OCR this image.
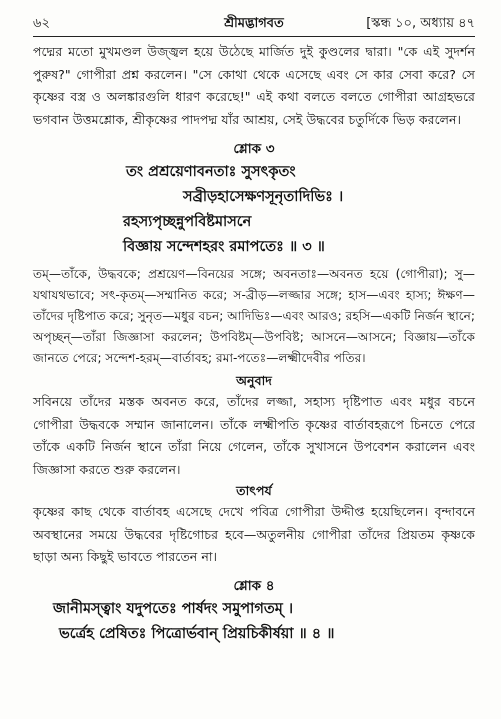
৬২	শ্রীমদ্ভাগবত	[স্কন্ধ ১০, অধ্যায় ৪৭

পদ্মের মতো মুখমণ্ডল উজ্জ্বল হয়ে উঠেছে মার্জিত দুই কুণ্ডলের দ্বারা। "কে এই সুদর্শন পুরুষ?" গোপীরা প্রশ্ন করলেন। "সে কোথা থেকে এসেছে এবং সে কার সেবা করে? সে কৃষ্ণের বস্ত্র ও অলঙ্কারগুলি ধারণ করেছে!" এই কথা বলতে বলতে গোপীরা আগ্রহভরে ভগবান উত্তমশ্লোক, শ্রীকৃষ্ণের পাদপদ্ম যাঁর আশ্রয়, সেই উদ্ধবের চতুর্দিকে ভিড় করলেন।

শ্লোক ৩
তং প্রশ্রয়েণাবনতাঃ সুসৎকৃতং
সব্রীড়হাসেক্ষণসূনৃতাদিভিঃ ।
রহস্যপৃচ্ছন্নুপবিষ্টমাসনে
বিজ্ঞায় সন্দেশহরং রমাপতেঃ ॥ ৩ ॥

তম্—তাঁকে, উদ্ধবকে; প্রশ্রয়েণ—বিনয়ের সঙ্গে; অবনতাঃ—অবনত হয়ে (গোপীরা); সু—যথাযথভাবে; সৎ-কৃতম্—সম্মানিত করে; স-ব্রীড়—লজ্জার সঙ্গে; হাস—এবং হাস্য; ঈক্ষণ—তাঁদের দৃষ্টিপাত করে; সুনৃত—মধুর বচন; আদিভিঃ—এবং আরও; রহসি—একটি নির্জন স্থানে; অপৃচ্ছন্—তাঁরা জিজ্ঞাসা করলেন; উপবিষ্টম্—উপবিষ্ট; আসনে—আসনে; বিজ্ঞায়—তাঁকে জানতে পেরে; সন্দেশ-হরম্—বার্তাবহ; রমা-পতেঃ—লক্ষ্মীদেবীর পতির।

অনুবাদ

সবিনয়ে তাঁদের মস্তক অবনত করে, তাঁদের লজ্জা, সহাস্য দৃষ্টিপাত এবং মধুর বচনে গোপীরা উদ্ধবকে সম্মান জানালেন। তাঁকে লক্ষ্মীপতি কৃষ্ণের বার্তাবহরূপে চিনতে পেরে তাঁকে একটি নির্জন স্থানে তাঁরা নিয়ে গেলেন, তাঁকে সুখাসনে উপবেশন করালেন এবং জিজ্ঞাসা করতে শুরু করলেন।

তাৎপর্য

কৃষ্ণের কাছ থেকে বার্তাবহ এসেছে দেখে পবিত্র গোপীরা উদ্দীপ্ত হয়েছিলেন। বৃন্দাবনে অবস্থানের সময়ে উদ্ধবের দৃষ্টিগোচর হবে—অতুলনীয় গোপীরা তাঁদের প্রিয়তম কৃষ্ণকে ছাড়া অন্য কিছুই ভাবতে পারতেন না।

শ্লোক ৪
জানীমস্ত্বাং যদুপতেঃ পার্ষদং সমুপাগতম্ ।
ভর্ত্রেহ প্রেষিতঃ পিত্রোর্ভবান্ প্রিয়চিকীর্ষয়া ॥ ৪ ॥
